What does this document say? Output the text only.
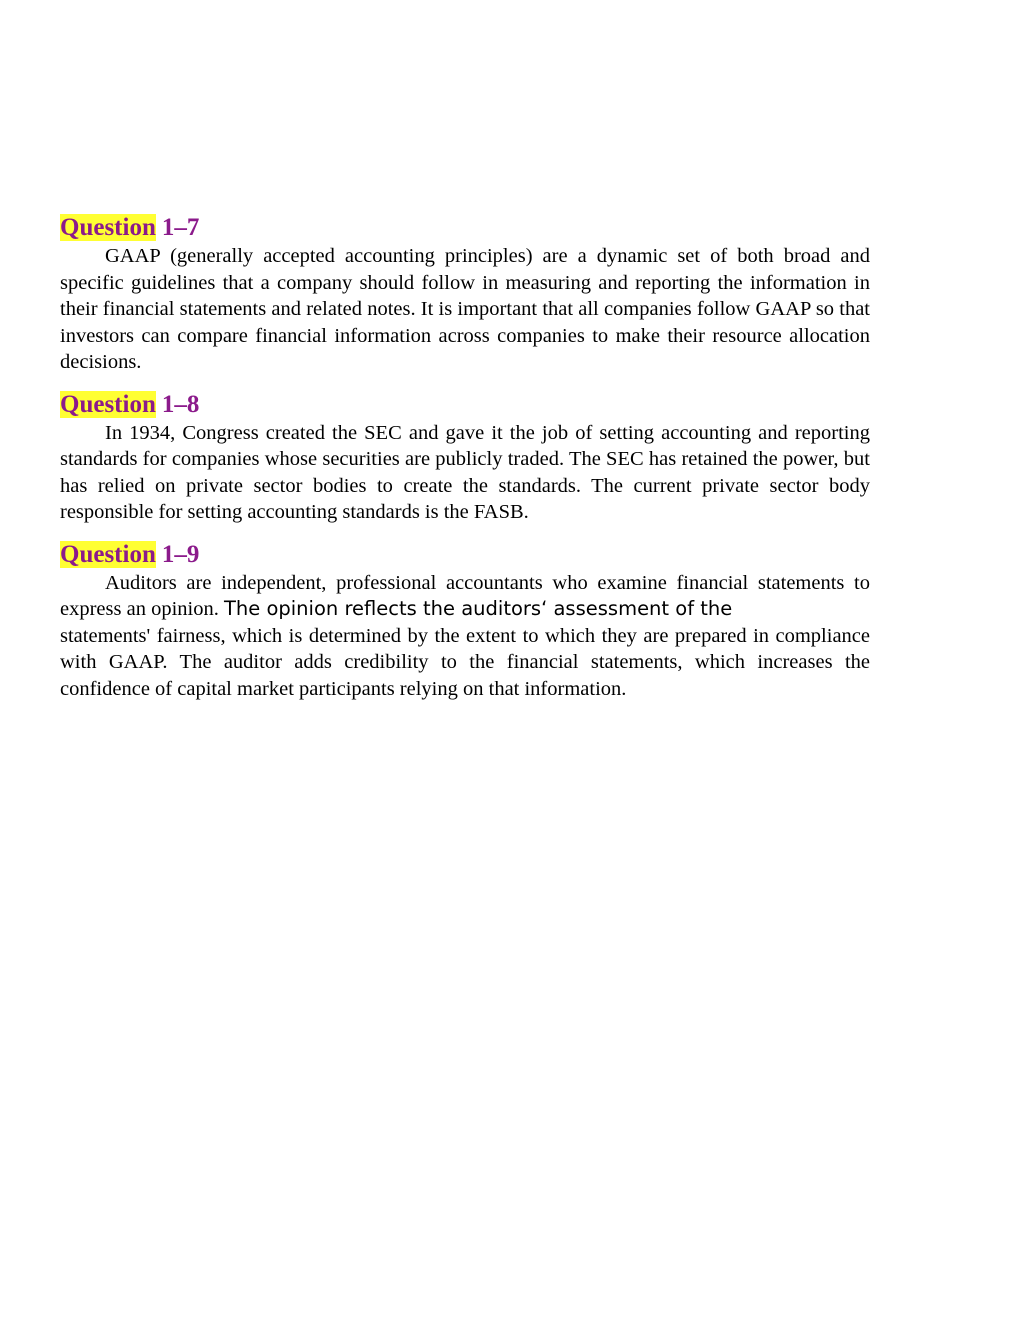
Question 1–7

GAAP (generally accepted accounting principles) are a dynamic set of both broad and specific guidelines that a company should follow in measuring and reporting the information in their financial statements and related notes. It is important that all companies follow GAAP so that investors can compare financial information across companies to make their resource allocation decisions.

Question 1–8

In 1934, Congress created the SEC and gave it the job of setting accounting and reporting standards for companies whose securities are publicly traded. The SEC has retained the power, but has relied on private sector bodies to create the standards. The current private sector body responsible for setting accounting standards is the FASB.

Question 1–9

Auditors are independent, professional accountants who examine financial statements to express an opinion. The opinion reflects the auditors‘ assessment of the

statements' fairness, which is determined by the extent to which they are prepared in compliance with GAAP. The auditor adds credibility to the financial statements, which increases the confidence of capital market participants relying on that information.
